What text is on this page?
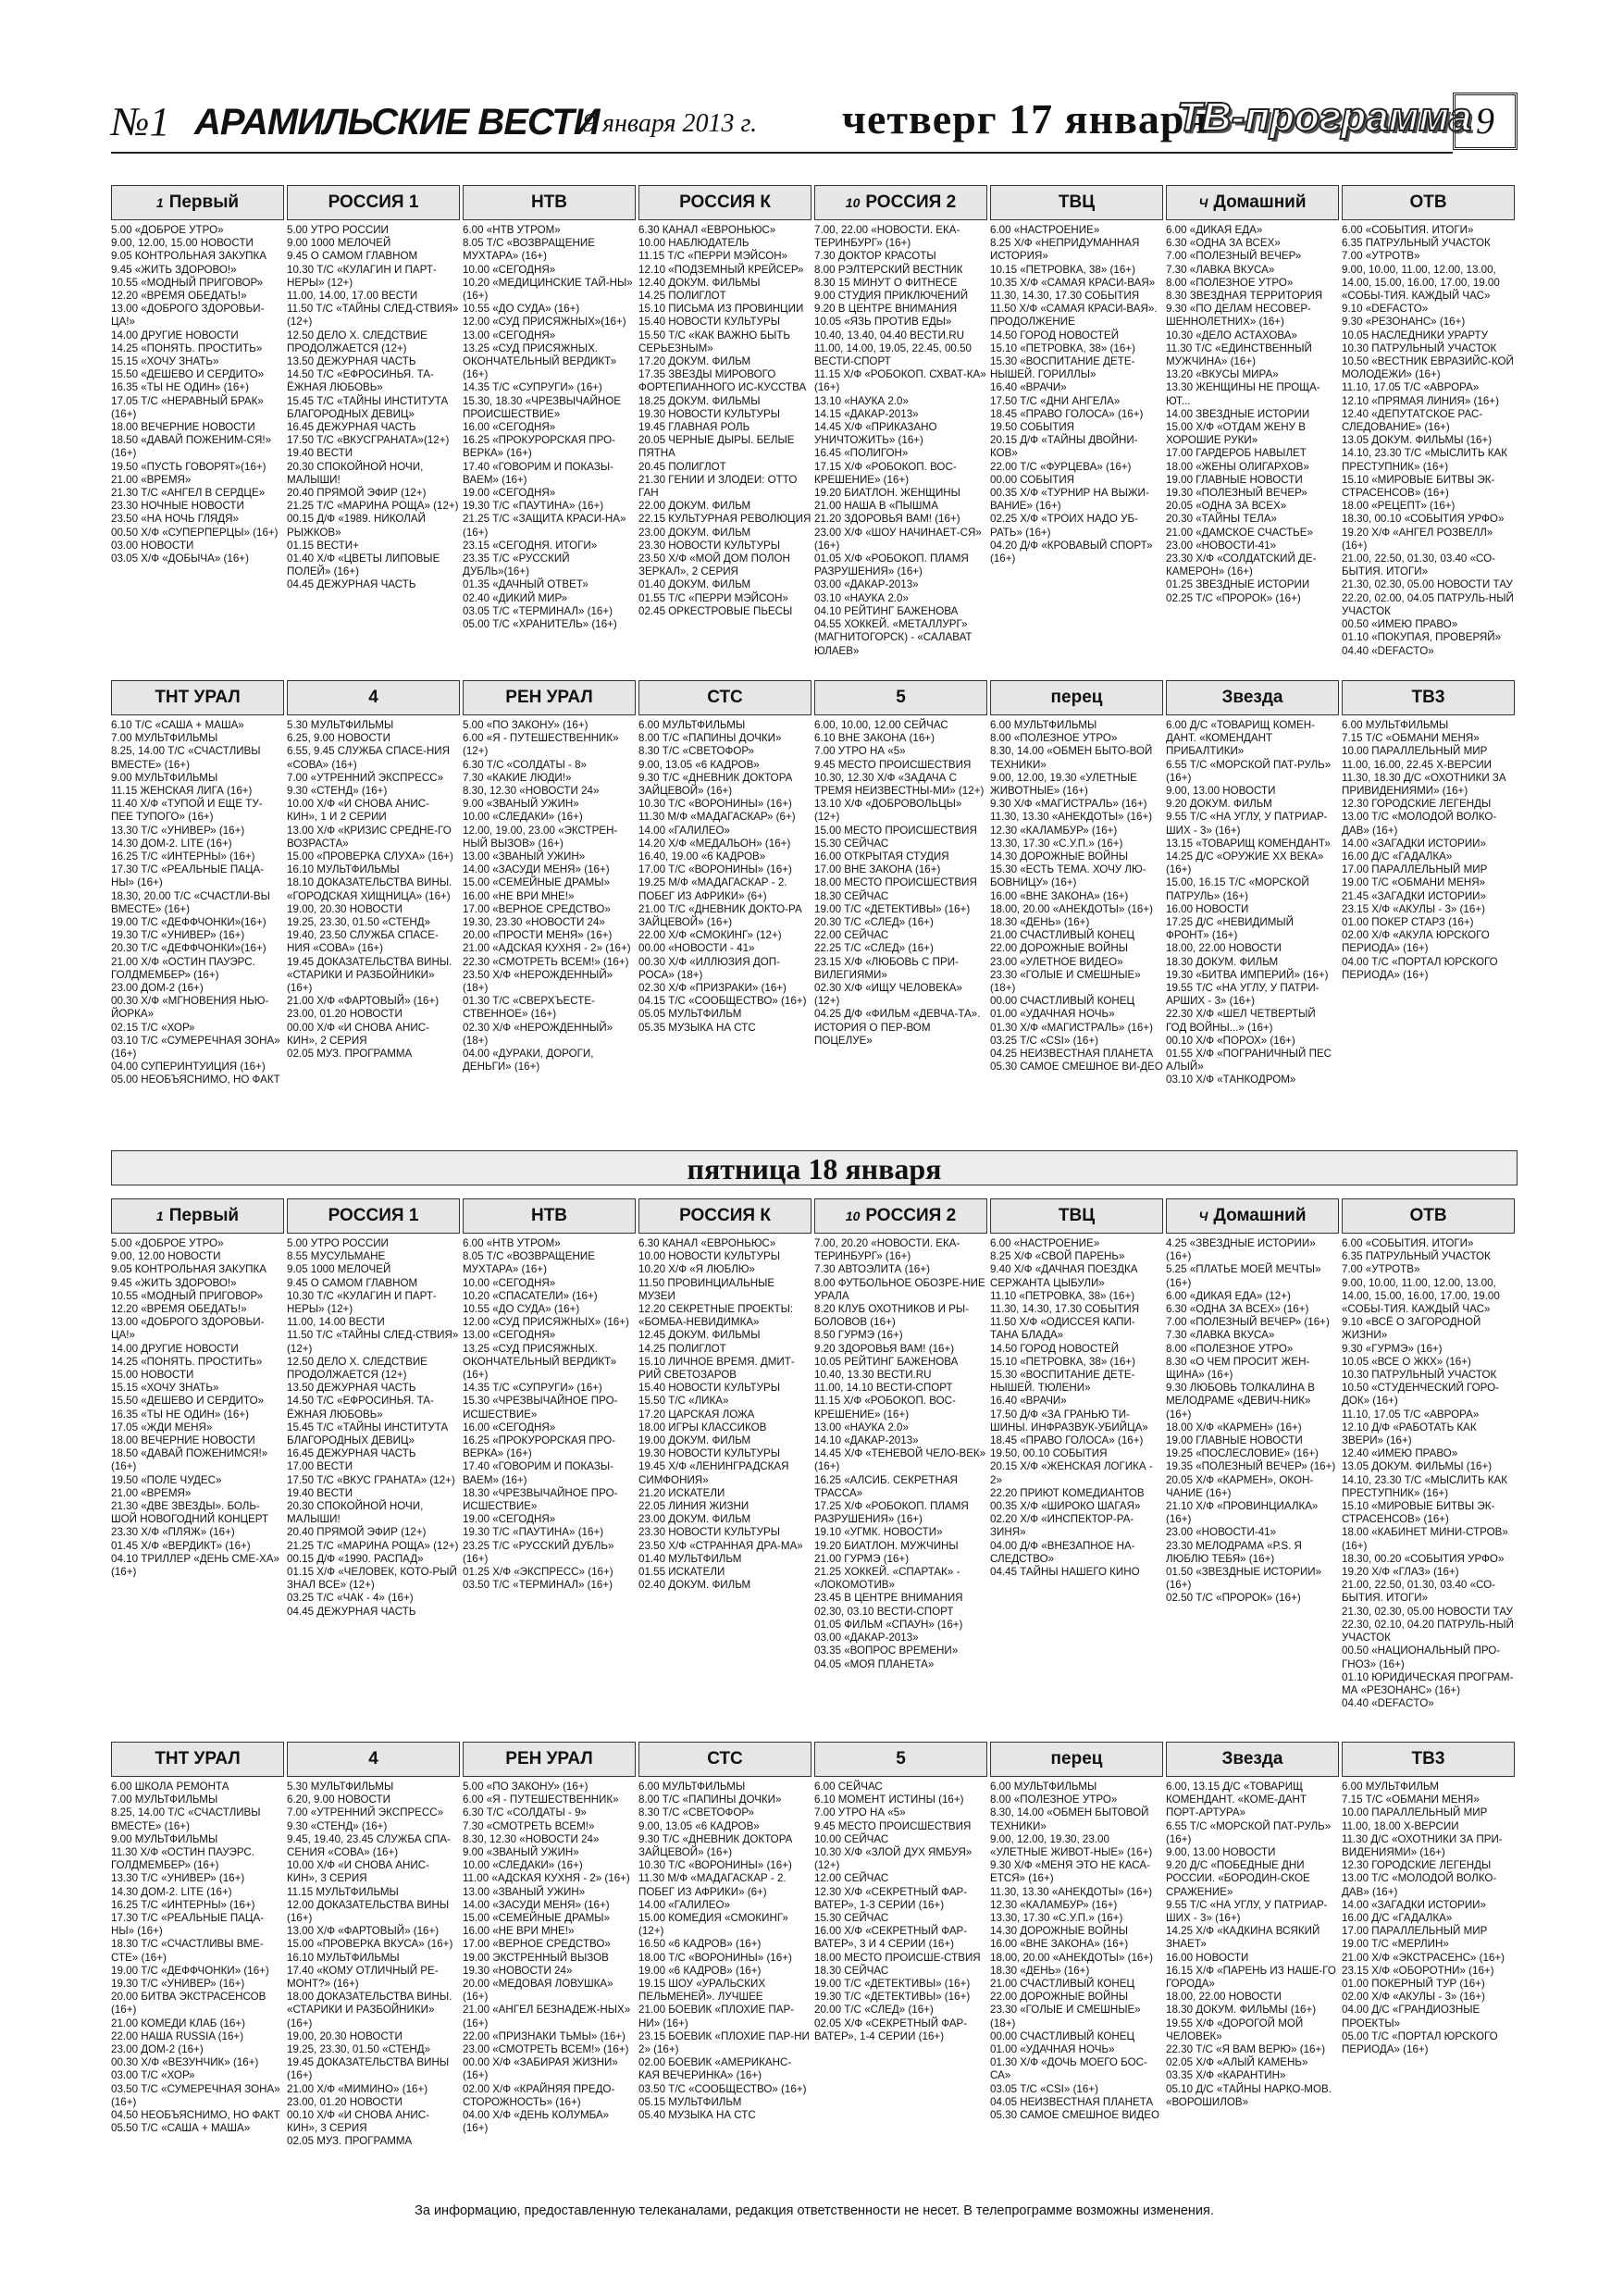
№1 АРАМИЛЬСКИЕ ВЕСТИ
9 января 2013 г. четверг 17 января
ТВ-программа 9
1 Первый
5.00 «ДОБРОЕ УТРО»
9.00, 12.00, 15.00 НОВОСТИ
9.05 КОНТРОЛЬНАЯ ЗАКУПКА
9.45 «ЖИТЬ ЗДОРОВО!»
10.55 «МОДНЫЙ ПРИГОВОР»
12.20 «ВРЕМЯ ОБЕДАТЬ!»
13.00 «ДОБРОГО ЗДОРОВЬИ-ЦА!»
14.00 ДРУГИЕ НОВОСТИ
14.25 «ПОНЯТЬ. ПРОСТИТЬ»
15.15 «ХОЧУ ЗНАТЬ»
15.50 «ДЕШЕВО И СЕРДИТО»
16.35 «ТЫ НЕ ОДИН» (16+)
17.05 Т/С «НЕРАВНЫЙ БРАК» (16+)
18.00 ВЕЧЕРНИЕ НОВОСТИ
18.50 «ДАВАЙ ПОЖЕНИМ-СЯ!» (16+)
19.50 «ПУСТЬ ГОВОРЯТ»(16+)
21.00 «ВРЕМЯ»
21.30 Т/С «АНГЕЛ В СЕРДЦЕ»
23.30 НОЧНЫЕ НОВОСТИ
23.50 «НА НОЧЬ ГЛЯДЯ»
00.50 Х/Ф «СУПЕРПЕРЦЫ» (16+)
03.00 НОВОСТИ
03.05 Х/Ф «ДОБЫЧА» (16+)
РОССИЯ 1
5.00 УТРО РОССИИ
9.00 1000 МЕЛОЧЕЙ
9.45 О САМОМ ГЛАВНОМ
10.30 Т/С «КУЛАГИН И ПАРТ-НЕРЫ» (12+)
11.00, 14.00, 17.00 ВЕСТИ
11.50 Т/С «ТАЙНЫ СЛЕД-СТВИЯ» (12+)
12.50 ДЕЛО Х. СЛЕДСТВИЕ ПРОДОЛЖАЕТСЯ (12+)
13.50 ДЕЖУРНАЯ ЧАСТЬ
14.50 Т/С «ЕФРОСИНЬЯ. ТА-ЁЖНАЯ ЛЮБОВЬ»
15.45 Т/С «ТАЙНЫ ИНСТИТУТА БЛАГОРОДНЫХ ДЕВИЦ»
16.45 ДЕЖУРНАЯ ЧАСТЬ
17.50 Т/С «ВКУСГРАНАТА»(12+)
19.40 ВЕСТИ
20.30 СПОКОЙНОЙ НОЧИ, МАЛЫШИ!
20.40 ПРЯМОЙ ЭФИР (12+)
21.25 Т/С «МАРИНА РОЩА» (12+)
00.15 Д/Ф «1989. НИКОЛАЙ РЫЖКОВ»
01.15 ВЕСТИ+
01.40 Х/Ф «ЦВЕТЫ ЛИПОВЫЕ ПОЛЕЙ» (16+)
04.45 ДЕЖУРНАЯ ЧАСТЬ
НТВ
6.00 «НТВ УТРОМ»
8.05 Т/С «ВОЗВРАЩЕНИЕ МУХТАРА» (16+)
10.00 «СЕГОДНЯ»
10.20 «МЕДИЦИНСКИЕ ТАЙ-НЫ» (16+)
10.55 «ДО СУДА» (16+)
12.00 «СУД ПРИСЯЖНЫХ»(16+)
13.00 «СЕГОДНЯ»
13.25 «СУД ПРИСЯЖНЫХ. ОКОНЧАТЕЛЬНЫЙ ВЕРДИКТ» (16+)
14.35 Т/С «СУПРУГИ» (16+)
15.30, 18.30 «ЧРЕЗВЫЧАЙНОЕ ПРОИСШЕСТВИЕ»
16.00 «СЕГОДНЯ»
16.25 «ПРОКУРОРСКАЯ ПРО-ВЕРКА» (16+)
17.40 «ГОВОРИМ И ПОКАЗЫ-ВАЕМ» (16+)
19.00 «СЕГОДНЯ»
19.30 Т/С «ПАУТИНА» (16+)
21.25 Т/С «ЗАЩИТА КРАСИ-НА» (16+)
23.15 «СЕГОДНЯ. ИТОГИ»
23.35 Т/С «РУССКИЙ ДУБЛЬ»(16+)
01.35 «ДАЧНЫЙ ОТВЕТ»
02.40 «ДИКИЙ МИР»
03.05 Т/С «ТЕРМИНАЛ» (16+)
05.00 Т/С «ХРАНИТЕЛЬ» (16+)
РОССИЯ К
6.30 КАНАЛ «ЕВРОНЬЮС»
10.00 НАБЛЮДАТЕЛЬ
11.15 Т/С «ПЕРРИ МЭЙСОН»
12.10 «ПОДЗЕМНЫЙ КРЕЙСЕР»
12.40 ДОКУМ. ФИЛЬМЫ
14.25 ПОЛИГЛОТ
15.10 ПИСЬМА ИЗ ПРОВИНЦИИ
15.40 НОВОСТИ КУЛЬТУРЫ
15.50 Т/С «КАК ВАЖНО БЫТЬ СЕРЬЕЗНЫМ»
17.20 ДОКУМ. ФИЛЬМ
17.35 ЗВЕЗДЫ МИРОВОГО ФОРТЕПИАННОГО ИС-КУССТВА
18.25 ДОКУМ. ФИЛЬМЫ
19.30 НОВОСТИ КУЛЬТУРЫ
19.45 ГЛАВНАЯ РОЛЬ
20.05 ЧЕРНЫЕ ДЫРЫ. БЕЛЫЕ ПЯТНА
20.45 ПОЛИГЛОТ
21.30 ГЕНИИ И ЗЛОДЕИ: ОТТО ГАН
22.00 ДОКУМ. ФИЛЬМ
22.15 КУЛЬТУРНАЯ РЕВОЛЮЦИЯ
23.00 ДОКУМ. ФИЛЬМ
23.30 НОВОСТИ КУЛЬТУРЫ
23.50 Х/Ф «МОЙ ДОМ ПОЛОН ЗЕРКАЛ», 2 СЕРИЯ
01.40 ДОКУМ. ФИЛЬМ
01.55 Т/С «ПЕРРИ МЭЙСОН»
02.45 ОРКЕСТРОВЫЕ ПЬЕСЫ
10 РОССИЯ 2
7.00, 22.00 «НОВОСТИ. ЕКА-ТЕРИНБУРГ» (16+)
7.30 ДОКТОР КРАСОТЫ
8.00 РЭЛТЕРСКИЙ ВЕСТНИК
8.30 15 МИНУТ О ФИТНЕСЕ
9.00 СТУДИЯ ПРИКЛЮЧЕНИЙ
9.20 В ЦЕНТРЕ ВНИМАНИЯ
10.05 «ЯЗЬ ПРОТИВ ЕДЫ»
10.40, 13.40, 04.40 ВЕСТИ.RU
11.00, 14.00, 19.05, 22.45, 00.50 ВЕСТИ-СПОРТ
11.15 Х/Ф «РОБОКОП. СХВАТ-КА» (16+)
13.10 «НАУКА 2.0»
14.15 «ДАКАР-2013»
14.45 Х/Ф «ПРИКАЗАНО УНИЧТОЖИТЬ» (16+)
16.45 «ПОЛИГОН»
17.15 Х/Ф «РОБОКОП. ВОС-КРЕШЕНИЕ» (16+)
19.20 БИАТЛОН. ЖЕНЩИНЫ
21.00 НАША В «ПЫШМА
21.20 ЗДОРОВЬЯ ВАМ! (16+)
23.00 Х/Ф «ШОУ НАЧИНАЕТ-СЯ» (16+)
01.05 Х/Ф «РОБОКОП. ПЛАМЯ РАЗРУШЕНИЯ» (16+)
03.00 «ДАКАР-2013»
03.10 «НАУКА 2.0»
04.10 РЕЙТИНГ БАЖЕНОВА
04.55 ХОККЕЙ. «МЕТАЛЛУРГ» (МАГНИТОГОРСК) - «САЛАВАТ ЮЛАЕВ»
ТВЦ
6.00 «НАСТРОЕНИЕ»
8.25 Х/Ф «НЕПРИДУМАННАЯ ИСТОРИЯ»
10.15 «ПЕТРОВКА, 38» (16+)
10.35 Х/Ф «САМАЯ КРАСИ-ВАЯ»
11.30, 14.30, 17.30 СОБЫТИЯ
11.50 Х/Ф «САМАЯ КРАСИ-ВАЯ». ПРОДОЛЖЕНИЕ
14.50 ГОРОД НОВОСТЕЙ
15.10 «ПЕТРОВКА, 38» (16+)
15.30 «ВОСПИТАНИЕ ДЕТЕ-НЫШЕЙ. ГОРИЛЛЫ»
16.40 «ВРАЧИ»
17.50 Т/С «ДНИ АНГЕЛА»
18.45 «ПРАВО ГОЛОСА» (16+)
19.50 СОБЫТИЯ
20.15 Д/Ф «ТАЙНЫ ДВОЙНИ-КОВ»
22.00 Т/С «ФУРЦЕВА» (16+)
00.00 СОБЫТИЯ
00.35 Х/Ф «ТУРНИР НА ВЫЖИ-ВАНИЕ» (16+)
02.25 Х/Ф «ТРОИХ НАДО УБ-РАТЬ» (16+)
04.20 Д/Ф «КРОВАВЫЙ СПОРТ» (16+)
Ч Домашний
6.00 «ДИКАЯ ЕДА»
6.30 «ОДНА ЗА ВСЕХ»
7.00 «ПОЛЕЗНЫЙ ВЕЧЕР»
7.30 «ЛАВКА ВКУСА»
8.00 «ПОЛЕЗНОЕ УТРО»
8.30 ЗВЕЗДНАЯ ТЕРРИТОРИЯ
9.30 «ПО ДЕЛАМ НЕСОВЕР-ШЕННОЛЕТНИХ» (16+)
10.30 «ДЕЛО АСТАХОВА»
11.30 Т/С «ЕДИНСТВЕННЫЙ МУЖЧИНА» (16+)
13.20 «ВКУСЫ МИРА»
13.30 ЖЕНЩИНЫ НЕ ПРОЩА-ЮТ...
14.00 ЗВЕЗДНЫЕ ИСТОРИИ
15.00 Х/Ф «ОТДАМ ЖЕНУ В ХОРОШИЕ РУКИ»
17.00 ГАРДЕРОБ НАВЫЛЕТ
18.00 «ЖЕНЫ ОЛИГАРХОВ»
19.00 ГЛАВНЫЕ НОВОСТИ
19.30 «ПОЛЕЗНЫЙ ВЕЧЕР»
20.05 «ОДНА ЗА ВСЕХ»
20.30 «ТАЙНЫ ТЕЛА»
21.00 «ДАМСКОЕ СЧАСТЬЕ»
23.00 «НОВОСТИ-41»
23.30 Х/Ф «СОЛДАТСКИЙ ДЕ-КАМЕРОН» (16+)
01.25 ЗВЕЗДНЫЕ ИСТОРИИ
02.25 Т/С «ПРОРОК» (16+)
ОТВ
6.00 «СОБЫТИЯ. ИТОГИ»
6.35 ПАТРУЛЬНЫЙ УЧАСТОК
7.00 «УТРОТВ»
9.00, 10.00, 11.00, 12.00, 13.00, 14.00, 15.00, 16.00, 17.00, 19.00 «СОБЫ-ТИЯ. КАЖДЫЙ ЧАС»
9.10 «DEFACTO»
9.30 «РЕЗОНАНС» (16+)
10.05 НАСЛЕДНИКИ УРАРТУ
10.30 ПАТРУЛЬНЫЙ УЧАСТОК
10.50 «ВЕСТНИК ЕВРАЗИЙС-КОЙ МОЛОДЕЖИ» (16+)
11.10, 17.05 Т/С «АВРОРА»
12.10 «ПРЯМАЯ ЛИНИЯ» (16+)
12.40 «ДЕПУТАТСКОЕ РАС-СЛЕДОВАНИЕ» (16+)
13.05 ДОКУМ. ФИЛЬМЫ (16+)
14.10, 23.30 Т/С «МЫСЛИТЬ КАК ПРЕСТУПНИК» (16+)
15.10 «МИРОВЫЕ БИТВЫ ЭК-СТРАСЕНСОВ» (16+)
18.00 «РЕЦЕПТ» (16+)
18.30, 00.10 «СОБЫТИЯ УРФО»
19.20 Х/Ф «АНГЕЛ РОЗВЕЛЛ» (16+)
21.00, 22.50, 01.30, 03.40 «СО-БЫТИЯ. ИТОГИ»
21.30, 02.30, 05.00 НОВОСТИ ТАУ
22.20, 02.00, 04.05 ПАТРУЛЬ-НЫЙ УЧАСТОК
00.50 «ИМЕЮ ПРАВО»
01.10 «ПОКУПАЯ, ПРОВЕРЯЙ»
04.40 «DEFACTO»
ТНТ УРАЛ
6.10 Т/С «САША + МАША»
7.00 МУЛЬТФИЛЬМЫ
8.25, 14.00 Т/С «СЧАСТЛИВЫ ВМЕСТЕ» (16+)
9.00 МУЛЬТФИЛЬМЫ
11.15 ЖЕНСКАЯ ЛИГА (16+)
11.40 Х/Ф «ТУПОЙ И ЕЩЕ ТУ-ПЕЕ ТУПОГО» (16+)
13.30 Т/С «УНИВЕР» (16+)
14.30 ДОМ-2. LITE (16+)
16.25 Т/С «ИНТЕРНЫ» (16+)
17.30 Т/С «РЕАЛЬНЫЕ ПАЦА-НЫ» (16+)
18.30, 20.00 Т/С «СЧАСТЛИ-ВЫ ВМЕСТЕ» (16+)
19.00 Т/С «ДЕФФЧОНКИ»(16+)
19.30 Т/С «УНИВЕР» (16+)
20.30 Т/С «ДЕФФЧОНКИ»(16+)
21.00 Х/Ф «ОСТИН ПАУЭРС. ГОЛДМЕМБЕР» (16+)
23.00 ДОМ-2 (16+)
00.30 Х/Ф «МГНОВЕНИЯ НЬЮ-ЙОРКА»
02.15 Т/С «ХОР»
03.10 Т/С «СУМЕРЕЧНАЯ ЗОНА» (16+)
04.00 СУПЕРИНТУИЦИЯ (16+)
05.00 НЕОБЪЯСНИМО, НО ФАКТ
4
5.30 МУЛЬТФИЛЬМЫ
6.25, 9.00 НОВОСТИ
6.55, 9.45 СЛУЖБА СПАСЕ-НИЯ «СОВА» (16+)
7.00 «УТРЕННИЙ ЭКСПРЕСС»
9.30 «СТЕНД» (16+)
10.00 Х/Ф «И СНОВА АНИС-КИН», 1 И 2 СЕРИИ
13.00 Х/Ф «КРИЗИС СРЕДНЕ-ГО ВОЗРАСТА»
15.00 «ПРОВЕРКА СЛУХА» (16+)
16.10 МУЛЬТФИЛЬМЫ
18.10 ДОКАЗАТЕЛЬСТВА ВИНЫ. «ГОРОДСКАЯ ХИЩНИЦА» (16+)
19.00, 20.30 НОВОСТИ
19.25, 23.30, 01.50 «СТЕНД»
19.40, 23.50 СЛУЖБА СПАСЕ-НИЯ «СОВА» (16+)
19.45 ДОКАЗАТЕЛЬСТВА ВИНЫ. «СТАРИКИ И РАЗБОЙНИКИ» (16+)
21.00 Х/Ф «ФАРТОВЫЙ» (16+)
23.00, 01.20 НОВОСТИ
00.00 Х/Ф «И СНОВА АНИС-КИН», 2 СЕРИЯ
02.05 МУЗ. ПРОГРАММА
РЕН УРАЛ
5.00 «ПО ЗАКОНУ» (16+)
6.00 «Я - ПУТЕШЕСТВЕННИК» (12+)
6.30 Т/С «СОЛДАТЫ - 8»
7.30 «КАКИЕ ЛЮДИ!»
8.30, 12.30 «НОВОСТИ 24»
9.00 «ЗВАНЫЙ УЖИН»
10.00 «СЛЕДАКИ» (16+)
12.00, 19.00, 23.00 «ЭКСТРЕН-НЫЙ ВЫЗОВ» (16+)
13.00 «ЗВАНЫЙ УЖИН»
14.00 «ЗАСУДИ МЕНЯ» (16+)
15.00 «СЕМЕЙНЫЕ ДРАМЫ»
16.00 «НЕ ВРИ МНЕ!»
17.00 «ВЕРНОЕ СРЕДСТВО»
19.30, 23.30 «НОВОСТИ 24»
20.00 «ПРОСТИ МЕНЯ» (16+)
21.00 «АДСКАЯ КУХНЯ - 2» (16+)
22.30 «СМОТРЕТЬ ВСЕМ!» (16+)
23.50 Х/Ф «НЕРОЖДЕННЫЙ» (18+)
01.30 Т/С «СВЕРХЪЕСТЕ-СТВЕННОЕ» (16+)
02.30 Х/Ф «НЕРОЖДЕННЫЙ» (18+)
04.00 «ДУРАКИ, ДОРОГИ, ДЕНЬГИ» (16+)
СТС
6.00 МУЛЬТФИЛЬМЫ
8.00 Т/С «ПАПИНЫ ДОЧКИ»
8.30 Т/С «СВЕТОФОР»
9.00, 13.05 «6 КАДРОВ»
9.30 Т/С «ДНЕВНИК ДОКТОРА ЗАЙЦЕВОЙ» (16+)
10.30 Т/С «ВОРОНИНЫ» (16+)
11.30 М/Ф «МАДАГАСКАР» (6+)
14.00 «ГАЛИЛЕО»
14.20 Х/Ф «МЕДАЛЬОН» (16+)
16.40, 19.00 «6 КАДРОВ»
17.00 Т/С «ВОРОНИНЫ» (16+)
19.25 М/Ф «МАДАГАСКАР - 2. ПОБЕГ ИЗ АФРИКИ» (6+)
21.00 Т/С «ДНЕВНИК ДОКТО-РА ЗАЙЦЕВОЙ» (16+)
22.00 Х/Ф «СМОКИНГ» (12+)
00.00 «НОВОСТИ - 41»
00.30 Х/Ф «ИЛЛЮЗИЯ ДОП-РОСА» (18+)
02.30 Х/Ф «ПРИЗРАКИ» (16+)
04.15 Т/С «СООБЩЕСТВО» (16+)
05.05 МУЛЬТФИЛЬМ
05.35 МУЗЫКА НА СТС
5
6.00, 10.00, 12.00 СЕЙЧАС
6.10 ВНЕ ЗАКОНА (16+)
7.00 УТРО НА «5»
9.45 МЕСТО ПРОИСШЕСТВИЯ
10.30, 12.30 Х/Ф «ЗАДАЧА С ТРЕМЯ НЕИЗВЕСТНЫ-МИ» (12+)
13.10 Х/Ф «ДОБРОВОЛЬЦЫ» (12+)
15.00 МЕСТО ПРОИСШЕСТВИЯ
15.30 СЕЙЧАС
16.00 ОТКРЫТАЯ СТУДИЯ
17.00 ВНЕ ЗАКОНА (16+)
18.00 МЕСТО ПРОИСШЕСТВИЯ
18.30 СЕЙЧАС
19.00 Т/С «ДЕТЕКТИВЫ» (16+)
20.30 Т/С «СЛЕД» (16+)
22.00 СЕЙЧАС
22.25 Т/С «СЛЕД» (16+)
23.15 Х/Ф «ЛЮБОВЬ С ПРИ-ВИЛЕГИЯМИ»
02.30 Х/Ф «ИЩУ ЧЕЛОВЕКА» (12+)
04.25 Д/Ф «ФИЛЬМ «ДЕВЧА-ТА». ИСТОРИЯ О ПЕР-ВОМ ПОЦЕЛУЕ»
перец
6.00 МУЛЬТФИЛЬМЫ
8.00 «ПОЛЕЗНОЕ УТРО»
8.30, 14.00 «ОБМЕН БЫТО-ВОЙ ТЕХНИКИ»
9.00, 12.00, 19.30 «УЛЕТНЫЕ ЖИВОТНЫЕ» (16+)
9.30 Х/Ф «МАГИСТРАЛЬ» (16+)
11.30, 13.30 «АНЕКДОТЫ» (16+)
12.30 «КАЛАМБУР» (16+)
13.30, 17.30 «С.У.П.» (16+)
14.30 ДОРОЖНЫЕ ВОЙНЫ
15.30 «ЕСТЬ ТЕМА. ХОЧУ ЛЮ-БОВНИЦУ» (16+)
16.00 «ВНЕ ЗАКОНА» (16+)
18.00, 20.00 «АНЕКДОТЫ» (16+)
18.30 «ДЕНЬ» (16+)
21.00 СЧАСТЛИВЫЙ КОНЕЦ
22.00 ДОРОЖНЫЕ ВОЙНЫ
23.00 «УЛЕТНОЕ ВИДЕО»
23.30 «ГОЛЫЕ И СМЕШНЫЕ» (18+)
00.00 СЧАСТЛИВЫЙ КОНЕЦ
01.00 «УДАЧНАЯ НОЧЬ»
01.30 Х/Ф «МАГИСТРАЛЬ» (16+)
03.25 Т/С «CSI» (16+)
04.25 НЕИЗВЕСТНАЯ ПЛАНЕТА
05.30 САМОЕ СМЕШНОЕ ВИ-ДЕО
Звезда
6.00 Д/С «ТОВАРИЩ КОМЕН-ДАНТ. «КОМЕНДАНТ ПРИБАЛТИКИ»
6.55 Т/С «МОРСКОЙ ПАТ-РУЛЬ» (16+)
9.00, 13.00 НОВОСТИ
9.20 ДОКУМ. ФИЛЬМ
9.55 Т/С «НА УГЛУ, У ПАТРИАР-ШИХ - 3» (16+)
13.15 «ТОВАРИЩ КОМЕНДАНТ»
14.25 Д/С «ОРУЖИЕ ХХ ВЕКА» (16+)
15.00, 16.15 Т/С «МОРСКОЙ ПАТРУЛЬ» (16+)
16.00 НОВОСТИ
17.25 Д/С «НЕВИДИМЫЙ ФРОНТ» (16+)
18.00, 22.00 НОВОСТИ
18.30 ДОКУМ. ФИЛЬМ
19.30 «БИТВА ИМПЕРИЙ» (16+)
19.55 Т/С «НА УГЛУ, У ПАТРИ-АРШИХ - 3» (16+)
22.30 Х/Ф «ШЕЛ ЧЕТВЕРТЫЙ ГОД ВОЙНЫ...» (16+)
00.10 Х/Ф «ПОРОХ» (16+)
01.55 Х/Ф «ПОГРАНИЧНЫЙ ПЕС АЛЫЙ»
03.10 Х/Ф «ТАНКОДРОМ»
ТВ3
6.00 МУЛЬТФИЛЬМЫ
7.15 Т/С «ОБМАНИ МЕНЯ»
10.00 ПАРАЛЛЕЛЬНЫЙ МИР
11.00, 16.00, 22.45 Х-ВЕРСИИ
11.30, 18.30 Д/С «ОХОТНИКИ ЗА ПРИВИДЕНИЯМИ» (16+)
12.30 ГОРОДСКИЕ ЛЕГЕНДЫ
13.00 Т/С «МОЛОДОЙ ВОЛКО-ДАВ» (16+)
14.00 «ЗАГАДКИ ИСТОРИИ»
16.00 Д/С «ГАДАЛКА»
17.00 ПАРАЛЛЕЛЬНЫЙ МИР
19.00 Т/С «ОБМАНИ МЕНЯ»
21.45 «ЗАГАДКИ ИСТОРИИ»
23.15 Х/Ф «АКУЛЫ - 3» (16+)
01.00 ПОКЕР СТАРЗ (16+)
02.00 Х/Ф «АКУЛА ЮРСКОГО ПЕРИОДА» (16+)
04.00 Т/С «ПОРТАЛ ЮРСКОГО ПЕРИОДА» (16+)
пятница 18 января
1 Первый
5.00 «ДОБРОЕ УТРО»
9.00, 12.00 НОВОСТИ
9.05 КОНТРОЛЬНАЯ ЗАКУПКА
9.45 «ЖИТЬ ЗДОРОВО!»
10.55 «МОДНЫЙ ПРИГОВОР»
12.20 «ВРЕМЯ ОБЕДАТЬ!»
13.00 «ДОБРОГО ЗДОРОВЬИ-ЦА!»
14.00 ДРУГИЕ НОВОСТИ
14.25 «ПОНЯТЬ. ПРОСТИТЬ»
15.00 НОВОСТИ
15.15 «ХОЧУ ЗНАТЬ»
15.50 «ДЕШЕВО И СЕРДИТО»
16.35 «ТЫ НЕ ОДИН» (16+)
17.05 «ЖДИ МЕНЯ»
18.00 ВЕЧЕРНИЕ НОВОСТИ
18.50 «ДАВАЙ ПОЖЕНИМСЯ!» (16+)
19.50 «ПОЛЕ ЧУДЕС»
21.00 «ВРЕМЯ»
21.30 «ДВЕ ЗВЕЗДЫ». БОЛЬ-ШОЙ НОВОГОДНИЙ КОНЦЕРТ
23.30 Х/Ф «ПЛЯЖ» (16+)
01.45 Х/Ф «ВЕРДИКТ» (16+)
04.10 ТРИЛЛЕР «ДЕНЬ СМЕ-ХА» (16+)
РОССИЯ 1
5.00 УТРО РОССИИ
8.55 МУСУЛЬМАНЕ
9.05 1000 МЕЛОЧЕЙ
9.45 О САМОМ ГЛАВНОМ
10.30 Т/С «КУЛАГИН И ПАРТ-НЕРЫ» (12+)
11.00, 14.00 ВЕСТИ
11.50 Т/С «ТАЙНЫ СЛЕД-СТВИЯ» (12+)
12.50 ДЕЛО Х. СЛЕДСТВИЕ ПРОДОЛЖАЕТСЯ (12+)
13.50 ДЕЖУРНАЯ ЧАСТЬ
14.50 Т/С «ЕФРОСИНЬЯ. ТА-ЁЖНАЯ ЛЮБОВЬ»
15.45 Т/С «ТАЙНЫ ИНСТИТУТА БЛАГОРОДНЫХ ДЕВИЦ»
16.45 ДЕЖУРНАЯ ЧАСТЬ
17.00 ВЕСТИ
17.50 Т/С «ВКУС ГРАНАТА» (12+)
19.40 ВЕСТИ
20.30 СПОКОЙНОЙ НОЧИ, МАЛЫШИ!
20.40 ПРЯМОЙ ЭФИР (12+)
21.25 Т/С «МАРИНА РОЩА» (12+)
00.15 Д/Ф «1990. РАСПАД»
01.15 Х/Ф «ЧЕЛОВЕК, КОТО-РЫЙ ЗНАЛ ВСЕ» (12+)
03.25 Т/С «ЧАК - 4» (16+)
04.45 ДЕЖУРНАЯ ЧАСТЬ
НТВ
6.00 «НТВ УТРОМ»
8.05 Т/С «ВОЗВРАЩЕНИЕ МУХТАРА» (16+)
10.00 «СЕГОДНЯ»
10.20 «СПАСАТЕЛИ» (16+)
10.55 «ДО СУДА» (16+)
12.00 «СУД ПРИСЯЖНЫХ» (16+)
13.00 «СЕГОДНЯ»
13.25 «СУД ПРИСЯЖНЫХ. ОКОНЧАТЕЛЬНЫЙ ВЕРДИКТ» (16+)
14.35 Т/С «СУПРУГИ» (16+)
15.30 «ЧРЕЗВЫЧАЙНОЕ ПРО-ИСШЕСТВИЕ»
16.00 «СЕГОДНЯ»
16.25 «ПРОКУРОРСКАЯ ПРО-ВЕРКА» (16+)
17.40 «ГОВОРИМ И ПОКАЗЫ-ВАЕМ» (16+)
18.30 «ЧРЕЗВЫЧАЙНОЕ ПРО-ИСШЕСТВИЕ»
19.00 «СЕГОДНЯ»
19.30 Т/С «ПАУТИНА» (16+)
23.25 Т/С «РУССКИЙ ДУБЛЬ» (16+)
01.25 Х/Ф «ЭКСПРЕСС» (16+)
03.50 Т/С «ТЕРМИНАЛ» (16+)
РОССИЯ К
6.30 КАНАЛ «ЕВРОНЬЮС»
10.00 НОВОСТИ КУЛЬТУРЫ
10.20 Х/Ф «Я ЛЮБЛЮ»
11.50 ПРОВИНЦИАЛЬНЫЕ МУЗЕИ
12.20 СЕКРЕТНЫЕ ПРОЕКТЫ: «БОМБА-НЕВИДИМКА»
12.45 ДОКУМ. ФИЛЬМЫ
14.25 ПОЛИГЛОТ
15.10 ЛИЧНОЕ ВРЕМЯ. ДМИТ-РИЙ СВЕТОЗАРОВ
15.40 НОВОСТИ КУЛЬТУРЫ
15.50 Т/С «ЛИКА»
17.20 ЦАРСКАЯ ЛОЖА
18.00 ИГРЫ КЛАССИКОВ
19.00 ДОКУМ. ФИЛЬМ
19.30 НОВОСТИ КУЛЬТУРЫ
19.45 Х/Ф «ЛЕНИНГРАДСКАЯ СИМФОНИЯ»
21.20 ИСКАТЕЛИ
22.05 ЛИНИЯ ЖИЗНИ
23.00 ДОКУМ. ФИЛЬМ
23.30 НОВОСТИ КУЛЬТУРЫ
23.50 Х/Ф «СТРАННАЯ ДРА-МА»
01.40 МУЛЬТФИЛЬМ
01.55 ИСКАТЕЛИ
02.40 ДОКУМ. ФИЛЬМ
10 РОССИЯ 2
7.00, 20.20 «НОВОСТИ. ЕКА-ТЕРИНБУРГ» (16+)
7.30 АВТОЭЛИТА (16+)
8.00 ФУТБОЛЬНОЕ ОБОЗРЕ-НИЕ УРАЛА
8.20 КЛУБ ОХОТНИКОВ И РЫ-БОЛОВОВ (16+)
8.50 ГУРМЭ (16+)
9.20 ЗДОРОВЬЯ ВАМ! (16+)
10.05 РЕЙТИНГ БАЖЕНОВА
10.40, 13.30 ВЕСТИ.RU
11.00, 14.10 ВЕСТИ-СПОРТ
11.15 Х/Ф «РОБОКОП. ВОС-КРЕШЕНИЕ» (16+)
13.00 «НАУКА 2.0»
14.10 «ДАКАР-2013»
14.45 Х/Ф «ТЕНЕВОЙ ЧЕЛО-ВЕК» (16+)
16.25 «АЛСИБ. СЕКРЕТНАЯ ТРАССА»
17.25 Х/Ф «РОБОКОП. ПЛАМЯ РАЗРУШЕНИЯ» (16+)
19.10 «УГМК. НОВОСТИ»
19.20 БИАТЛОН. МУЖЧИНЫ
21.00 ГУРМЭ (16+)
21.25 ХОККЕЙ. «СПАРТАК» - «ЛОКОМОТИВ»
23.45 В ЦЕНТРЕ ВНИМАНИЯ
02.30, 03.10 ВЕСТИ-СПОРТ
01.05 ФИЛЬМ «СПАУН» (16+)
03.00 «ДАКАР-2013»
03.35 «ВОПРОС ВРЕМЕНИ»
04.05 «МОЯ ПЛАНЕТА»
ТВЦ
6.00 «НАСТРОЕНИЕ»
8.25 Х/Ф «СВОЙ ПАРЕНЬ»
9.40 Х/Ф «ДАЧНАЯ ПОЕЗДКА СЕРЖАНТА ЦЫБУЛИ»
11.10 «ПЕТРОВКА, 38» (16+)
11.30, 14.30, 17.30 СОБЫТИЯ
11.50 Х/Ф «ОДИССЕЯ КАПИ-ТАНА БЛАДА»
14.50 ГОРОД НОВОСТЕЙ
15.10 «ПЕТРОВКА, 38» (16+)
15.30 «ВОСПИТАНИЕ ДЕТЕ-НЫШЕЙ. ТЮЛЕНИ»
16.40 «ВРАЧИ»
17.50 Д/Ф «ЗА ГРАНЬЮ ТИ-ШИНЫ. ИНФРАЗВУК-УБИЙЦА»
18.45 «ПРАВО ГОЛОСА» (16+)
19.50, 00.10 СОБЫТИЯ
20.15 Х/Ф «ЖЕНСКАЯ ЛОГИКА - 2»
22.20 ПРИЮТ КОМЕДИАНТОВ
00.35 Х/Ф «ШИРОКО ШАГАЯ»
02.20 Х/Ф «ИНСПЕКТОР-РА-ЗИНЯ»
04.00 Д/Ф «ВНЕЗАПНОЕ НА-СЛЕДСТВО»
04.45 ТАЙНЫ НАШЕГО КИНО
Ч Домашний
4.25 «ЗВЕЗДНЫЕ ИСТОРИИ» (16+)
5.25 «ПЛАТЬЕ МОЕЙ МЕЧТЫ» (16+)
6.00 «ДИКАЯ ЕДА» (12+)
6.30 «ОДНА ЗА ВСЕХ» (16+)
7.00 «ПОЛЕЗНЫЙ ВЕЧЕР» (16+)
7.30 «ЛАВКА ВКУСА»
8.00 «ПОЛЕЗНОЕ УТРО»
8.30 «О ЧЕМ ПРОСИТ ЖЕН-ЩИНА» (16+)
9.30 ЛЮБОВЬ ТОЛКАЛИНА В МЕЛОДРАМЕ «ДЕВИЧ-НИК» (16+)
18.00 Х/Ф «КАРМЕН» (16+)
19.00 ГЛАВНЫЕ НОВОСТИ
19.25 «ПОСЛЕСЛОВИЕ» (16+)
19.35 «ПОЛЕЗНЫЙ ВЕЧЕР» (16+)
20.05 Х/Ф «КАРМЕН», ОКОН-ЧАНИЕ (16+)
21.10 Х/Ф «ПРОВИНЦИАЛКА» (16+)
23.00 «НОВОСТИ-41»
23.30 МЕЛОДРАМА «Р.S. Я ЛЮБЛЮ ТЕБЯ» (16+)
01.50 «ЗВЕЗДНЫЕ ИСТОРИИ» (16+)
02.50 Т/С «ПРОРОК» (16+)
ОТВ
6.00 «СОБЫТИЯ. ИТОГИ»
6.35 ПАТРУЛЬНЫЙ УЧАСТОК
7.00 «УТРОТВ»
9.00, 10.00, 11.00, 12.00, 13.00, 14.00, 15.00, 16.00, 17.00, 19.00 «СОБЫ-ТИЯ. КАЖДЫЙ ЧАС»
9.10 «ВСЁ О ЗАГОРОДНОЙ ЖИЗНИ»
9.30 «ГУРМЭ» (16+)
10.05 «ВСЕ О ЖКХ» (16+)
10.30 ПАТРУЛЬНЫЙ УЧАСТОК
10.50 «СТУДЕНЧЕСКИЙ ГОРО-ДОК» (16+)
11.10, 17.05 Т/С «АВРОРА»
12.10 Д/Ф «РАБОТАТЬ КАК ЗВЕРИ» (16+)
12.40 «ИМЕЮ ПРАВО»
13.05 ДОКУМ. ФИЛЬМЫ (16+)
14.10, 23.30 Т/С «МЫСЛИТЬ КАК ПРЕСТУПНИК» (16+)
15.10 «МИРОВЫЕ БИТВЫ ЭК-СТРАСЕНСОВ» (16+)
18.00 «КАБИНЕТ МИНИ-СТРОВ» (16+)
18.30, 00.20 «СОБЫТИЯ УРФО»
19.20 Х/Ф «ГЛАЗ» (16+)
21.00, 22.50, 01.30, 03.40 «СО-БЫТИЯ. ИТОГИ»
21.30, 02.30, 05.00 НОВОСТИ ТАУ
22.30, 02.10, 04.20 ПАТРУЛЬ-НЫЙ УЧАСТОК
00.50 «НАЦИОНАЛЬНЫЙ ПРО-ГНОЗ» (16+)
01.10 ЮРИДИЧЕСКАЯ ПРОГРАМ-МА «РЕЗОНАНС» (16+)
04.40 «DEFACTO»
ТНТ УРАЛ
6.00 ШКОЛА РЕМОНТА
7.00 МУЛЬТФИЛЬМЫ
8.25, 14.00 Т/С «СЧАСТЛИВЫ ВМЕСТЕ» (16+)
9.00 МУЛЬТФИЛЬМЫ
11.30 Х/Ф «ОСТИН ПАУЭРС. ГОЛДМЕМБЕР» (16+)
13.30 Т/С «УНИВЕР» (16+)
14.30 ДОМ-2. LITE (16+)
16.25 Т/С «ИНТЕРНЫ» (16+)
17.30 Т/С «РЕАЛЬНЫЕ ПАЦА-НЫ» (16+)
18.30 Т/С «СЧАСТЛИВЫ ВМЕ-СТЕ» (16+)
19.00 Т/С «ДЕФФЧОНКИ» (16+)
19.30 Т/С «УНИВЕР» (16+)
20.00 БИТВА ЭКСТРАСЕНСОВ (16+)
21.00 КОМЕДИ КЛАБ (16+)
22.00 НАША RUSSIA (16+)
23.00 ДОМ-2 (16+)
00.30 Х/Ф «ВЕЗУНЧИК» (16+)
03.00 Т/С «ХОР»
03.50 Т/С «СУМЕРЕЧНАЯ ЗОНА» (16+)
04.50 НЕОБЪЯСНИМО, НО ФАКТ
05.50 Т/С «САША + МАША»
4
5.30 МУЛЬТФИЛЬМЫ
6.20, 9.00 НОВОСТИ
7.00 «УТРЕННИЙ ЭКСПРЕСС»
9.30 «СТЕНД» (16+)
9.45, 19.40, 23.45 СЛУЖБА СПА-СЕНИЯ «СОВА» (16+)
10.00 Х/Ф «И СНОВА АНИС-КИН», 3 СЕРИЯ
11.15 МУЛЬТФИЛЬМЫ
12.00 ДОКАЗАТЕЛЬСТВА ВИНЫ (16+)
13.00 Х/Ф «ФАРТОВЫЙ» (16+)
15.00 «ПРОВЕРКА ВКУСА» (16+)
16.10 МУЛЬТФИЛЬМЫ
17.40 «КОМУ ОТЛИЧНЫЙ РЕ-МОНТ?» (16+)
18.00 ДОКАЗАТЕЛЬСТВА ВИНЫ. «СТАРИКИ И РАЗБОЙНИКИ» (16+)
19.00, 20.30 НОВОСТИ
19.25, 23.30, 01.50 «СТЕНД»
19.45 ДОКАЗАТЕЛЬСТВА ВИНЫ (16+)
21.00 Х/Ф «МИМИНО» (16+)
23.00, 01.20 НОВОСТИ
00.10 Х/Ф «И СНОВА АНИС-КИН», 3 СЕРИЯ
02.05 МУЗ. ПРОГРАММА
РЕН УРАЛ
5.00 «ПО ЗАКОНУ» (16+)
6.00 «Я - ПУТЕШЕСТВЕННИК»
6.30 Т/С «СОЛДАТЫ - 9»
7.30 «СМОТРЕТЬ ВСЕМ!»
8.30, 12.30 «НОВОСТИ 24»
9.00 «ЗВАНЫЙ УЖИН»
10.00 «СЛЕДАКИ» (16+)
11.00 «АДСКАЯ КУХНЯ - 2» (16+)
13.00 «ЗВАНЫЙ УЖИН»
14.00 «ЗАСУДИ МЕНЯ» (16+)
15.00 «СЕМЕЙНЫЕ ДРАМЫ»
16.00 «НЕ ВРИ МНЕ!»
17.00 «ВЕРНОЕ СРЕДСТВО»
19.00 ЭКСТРЕННЫЙ ВЫЗОВ
19.30 «НОВОСТИ 24»
20.00 «МЕДОВАЯ ЛОВУШКА» (16+)
21.00 «АНГЕЛ БЕЗНАДЕЖ-НЫХ» (16+)
22.00 «ПРИЗНАКИ ТЬМЫ» (16+)
23.00 «СМОТРЕТЬ ВСЕМ!» (16+)
00.00 Х/Ф «ЗАБИРАЯ ЖИЗНИ» (16+)
02.00 Х/Ф «КРАЙНЯЯ ПРЕДО-СТОРОЖНОСТЬ» (16+)
04.00 Х/Ф «ДЕНЬ КОЛУМБА» (16+)
СТС
6.00 МУЛЬТФИЛЬМЫ
8.00 Т/С «ПАПИНЫ ДОЧКИ»
8.30 Т/С «СВЕТОФОР»
9.00, 13.05 «6 КАДРОВ»
9.30 Т/С «ДНЕВНИК ДОКТОРА ЗАЙЦЕВОЙ» (16+)
10.30 Т/С «ВОРОНИНЫ» (16+)
11.30 М/Ф «МАДАГАСКАР - 2. ПОБЕГ ИЗ АФРИКИ» (6+)
14.00 «ГАЛИЛЕО»
15.00 КОМЕДИЯ «СМОКИНГ» (12+)
16.50 «6 КАДРОВ» (16+)
18.00 Т/С «ВОРОНИНЫ» (16+)
19.00 «6 КАДРОВ» (16+)
19.15 ШОУ «УРАЛЬСКИХ ПЕЛЬМЕНЕЙ». ЛУЧШЕЕ
21.00 БОЕВИК «ПЛОХИЕ ПАР-НИ» (16+)
23.15 БОЕВИК «ПЛОХИЕ ПАР-НИ 2» (16+)
02.00 БОЕВИК «АМЕРИКАНС-КАЯ ВЕЧЕРИНКА» (16+)
03.50 Т/С «СООБЩЕСТВО» (16+)
05.15 МУЛЬТФИЛЬМ
05.40 МУЗЫКА НА СТС
5
6.00 СЕЙЧАС
6.10 МОМЕНТ ИСТИНЫ (16+)
7.00 УТРО НА «5»
9.45 МЕСТО ПРОИСШЕСТВИЯ
10.00 СЕЙЧАС
10.30 Х/Ф «ЗЛОЙ ДУХ ЯМБУЯ» (12+)
12.00 СЕЙЧАС
12.30 Х/Ф «СЕКРЕТНЫЙ ФАР-ВАТЕР», 1-3 СЕРИИ (16+)
15.30 СЕЙЧАС
16.00 Х/Ф «СЕКРЕТНЫЙ ФАР-ВАТЕР», 3 И 4 СЕРИИ (16+)
18.00 МЕСТО ПРОИСШЕ-СТВИЯ
18.30 СЕЙЧАС
19.00 Т/С «ДЕТЕКТИВЫ» (16+)
19.30 Т/С «ДЕТЕКТИВЫ» (16+)
20.00 Т/С «СЛЕД» (16+)
02.05 Х/Ф «СЕКРЕТНЫЙ ФАР-ВАТЕР», 1-4 СЕРИИ (16+)
перец
6.00 МУЛЬТФИЛЬМЫ
8.00 «ПОЛЕЗНОЕ УТРО»
8.30, 14.00 «ОБМЕН БЫТОВОЙ ТЕХНИКИ»
9.00, 12.00, 19.30, 23.00 «УЛЕТНЫЕ ЖИВОТ-НЫЕ» (16+)
9.30 Х/Ф «МЕНЯ ЭТО НЕ КАСА-ЕТСЯ» (16+)
11.30, 13.30 «АНЕКДОТЫ» (16+)
12.30 «КАЛАМБУР» (16+)
13.30, 17.30 «С.У.П.» (16+)
14.30 ДОРОЖНЫЕ ВОЙНЫ
16.00 «ВНЕ ЗАКОНА» (16+)
18.00, 20.00 «АНЕКДОТЫ» (16+)
18.30 «ДЕНЬ» (16+)
21.00 СЧАСТЛИВЫЙ КОНЕЦ
22.00 ДОРОЖНЫЕ ВОЙНЫ
23.30 «ГОЛЫЕ И СМЕШНЫЕ» (18+)
00.00 СЧАСТЛИВЫЙ КОНЕЦ
01.00 «УДАЧНАЯ НОЧЬ»
01.30 Х/Ф «ДОЧЬ МОЕГО БОС-СА»
03.05 Т/С «CSI» (16+)
04.05 НЕИЗВЕСТНАЯ ПЛАНЕТА
05.30 САМОЕ СМЕШНОЕ ВИДЕО
Звезда
6.00, 13.15 Д/С «ТОВАРИЩ КОМЕНДАНТ. «КОМЕ-ДАНТ ПОРТ-АРТУРА»
6.55 Т/С «МОРСКОЙ ПАТ-РУЛЬ» (16+)
9.00, 13.00 НОВОСТИ
9.20 Д/С «ПОБЕДНЫЕ ДНИ РОССИИ. «БОРОДИН-СКОЕ СРАЖЕНИЕ»
9.55 Т/С «НА УГЛУ, У ПАТРИАР-ШИХ - 3» (16+)
14.25 Х/Ф «КАДКИНА ВСЯКИЙ ЗНАЕТ»
16.00 НОВОСТИ
16.15 Х/Ф «ПАРЕНЬ ИЗ НАШЕ-ГО ГОРОДА»
18.00, 22.00 НОВОСТИ
18.30 ДОКУМ. ФИЛЬМЫ (16+)
19.55 Х/Ф «ДОРОГОЙ МОЙ ЧЕЛОВЕК»
22.30 Т/С «Я ВАМ ВЕРЮ» (16+)
02.05 Х/Ф «АЛЫЙ КАМЕНЬ»
03.35 Х/Ф «КАРАНТИН»
05.10 Д/С «ТАЙНЫ НАРКО-МОВ. «ВОРОШИЛОВ»
ТВ3
6.00 МУЛЬТФИЛЬМ
7.15 Т/С «ОБМАНИ МЕНЯ»
10.00 ПАРАЛЛЕЛЬНЫЙ МИР
11.00, 18.00 Х-ВЕРСИИ
11.30 Д/С «ОХОТНИКИ ЗА ПРИ-ВИДЕНИЯМИ» (16+)
12.30 ГОРОДСКИЕ ЛЕГЕНДЫ
13.00 Т/С «МОЛОДОЙ ВОЛКО-ДАВ» (16+)
14.00 «ЗАГАДКИ ИСТОРИИ»
16.00 Д/С «ГАДАЛКА»
17.00 ПАРАЛЛЕЛЬНЫЙ МИР
19.00 Т/С «МЕРЛИН»
21.00 Х/Ф «ЭКСТРАСЕНС» (16+)
23.15 Х/Ф «ОБОРОТНИ» (16+)
01.00 ПОКЕРНЫЙ ТУР (16+)
02.00 Х/Ф «АКУЛЫ - 3» (16+)
04.00 Д/С «ГРАНДИОЗНЫЕ ПРОЕКТЫ»
05.00 Т/С «ПОРТАЛ ЮРСКОГО ПЕРИОДА» (16+)
За информацию, предоставленную телеканалами, редакция ответственности не несет. В телепрограмме возможны изменения.
